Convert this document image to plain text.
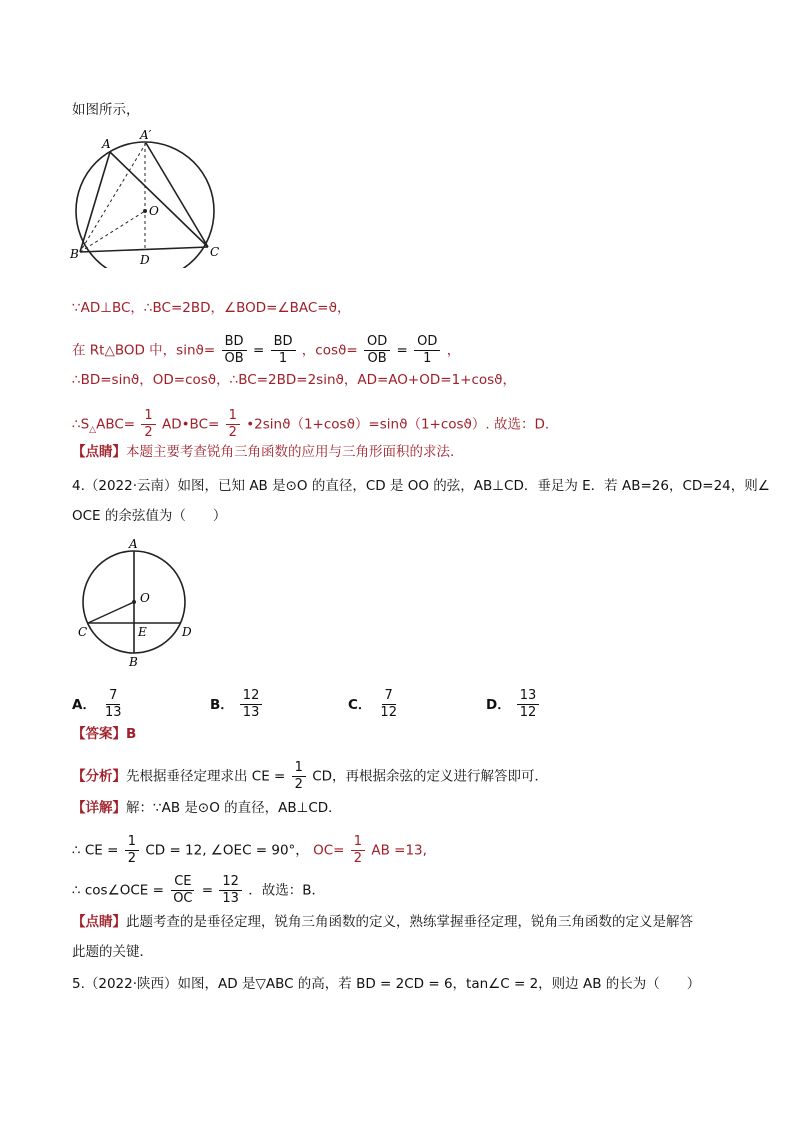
如图所示，
A
A′
O
B	D
C
∵AD⊥BC，∴BC=2BD，∠BOD=∠BAC=ϑ，
在 Rt△BOD 中，$\sin ϑ= \frac{BD}{OB} = \frac{BD}{1}$ ，$\cos ϑ= \frac{OD}{OB} = \frac{OD}{1}$ ，
∴BD=sinϑ，OD=cosϑ，∴BC=2BD=2sinϑ，AD=AO+OD=1+cosϑ，
$\therefore S_\triangle ABC= \frac{1}{2}$ AD•BC= $\frac{1}{2}$ •2sinϑ（1+cosϑ）=sinϑ（1+cosϑ）. 故选：D.
【点睛】本题主要考查锐角三角函数的应用与三角形面积的求法.
4.（2022·云南）如图，已知 AB 是⊙O 的直径，CD 是 OO 的弦，AB⊥CD．垂足为 E．若 AB=26，CD=24，则∠
OCE 的余弦值为（　　）
A
O
C	E	D
B
A． $\frac{7}{13}$	B． $\frac{12}{13}$	C． $\frac{7}{12}$	D． $\frac{13}{12}$
【答案】B
【分析】先根据垂径定理求出 CE = $\frac{1}{2}$ CD，再根据余弦的定义进行解答即可．
【详解】解：∵AB 是⊙O 的直径，AB⊥CD．
∴ CE = $\frac{1}{2}$ CD = 12, ∠OEC = 90°， $OC= \frac{1}{2}$ AB =13,
∴ cos∠OCE = $\frac{CE}{OC} = \frac{12}{13}$ ．故选：B．
【点睛】此题考查的是垂径定理，锐角三角函数的定义，熟练掌握垂径定理，锐角三角函数的定义是解答
此题的关键．
5.（2022·陕西）如图，AD 是▽ABC 的高，若 BD = 2CD = 6，tan∠C = 2，则边 AB 的长为（　　）
